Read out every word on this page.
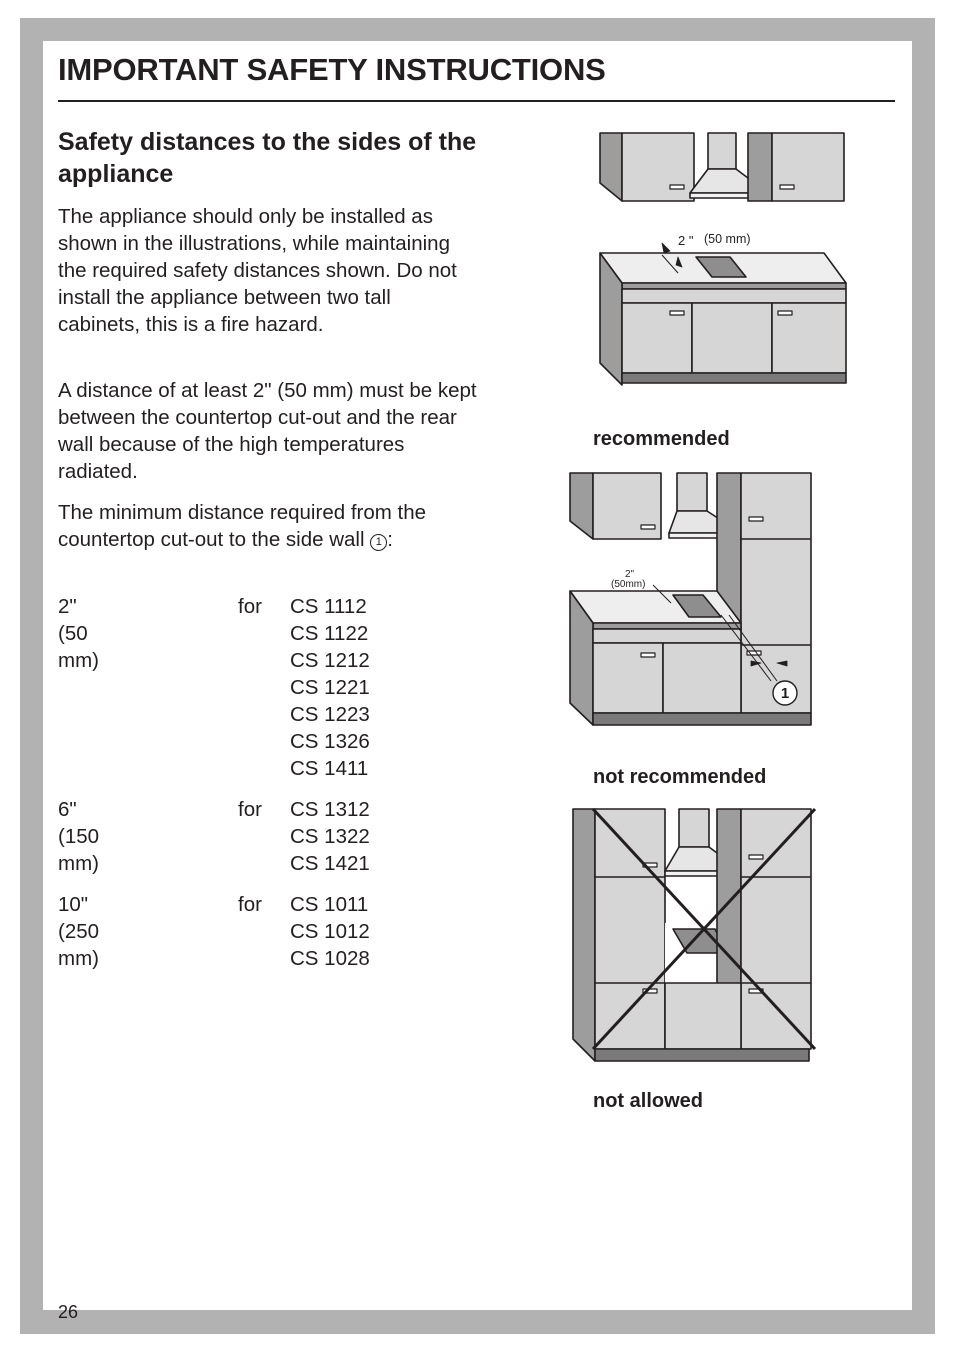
IMPORTANT SAFETY INSTRUCTIONS
Safety distances to the sides of the appliance

The appliance should only be installed as shown in the illustrations, while maintaining the required safety distances shown. Do not install the appliance between two tall cabinets, this is a fire hazard.

A distance of at least 2" (50 mm) must be kept between the countertop cut-out and the rear wall because of the high temperatures radiated.

The minimum distance required from the countertop cut-out to the side wall 1 :

2" (50 mm)
for CS 1112
CS 1122
CS 1212
CS 1221
CS 1223
CS 1326
CS 1411
6" (150 mm)
for CS 1312
CS 1322
CS 1421
10" (250 mm)
for CS 1011
CS 1012
CS 1028
2 " (50 mm)
recommended
1
2"
(50mm)
not recommended
not allowed
26
